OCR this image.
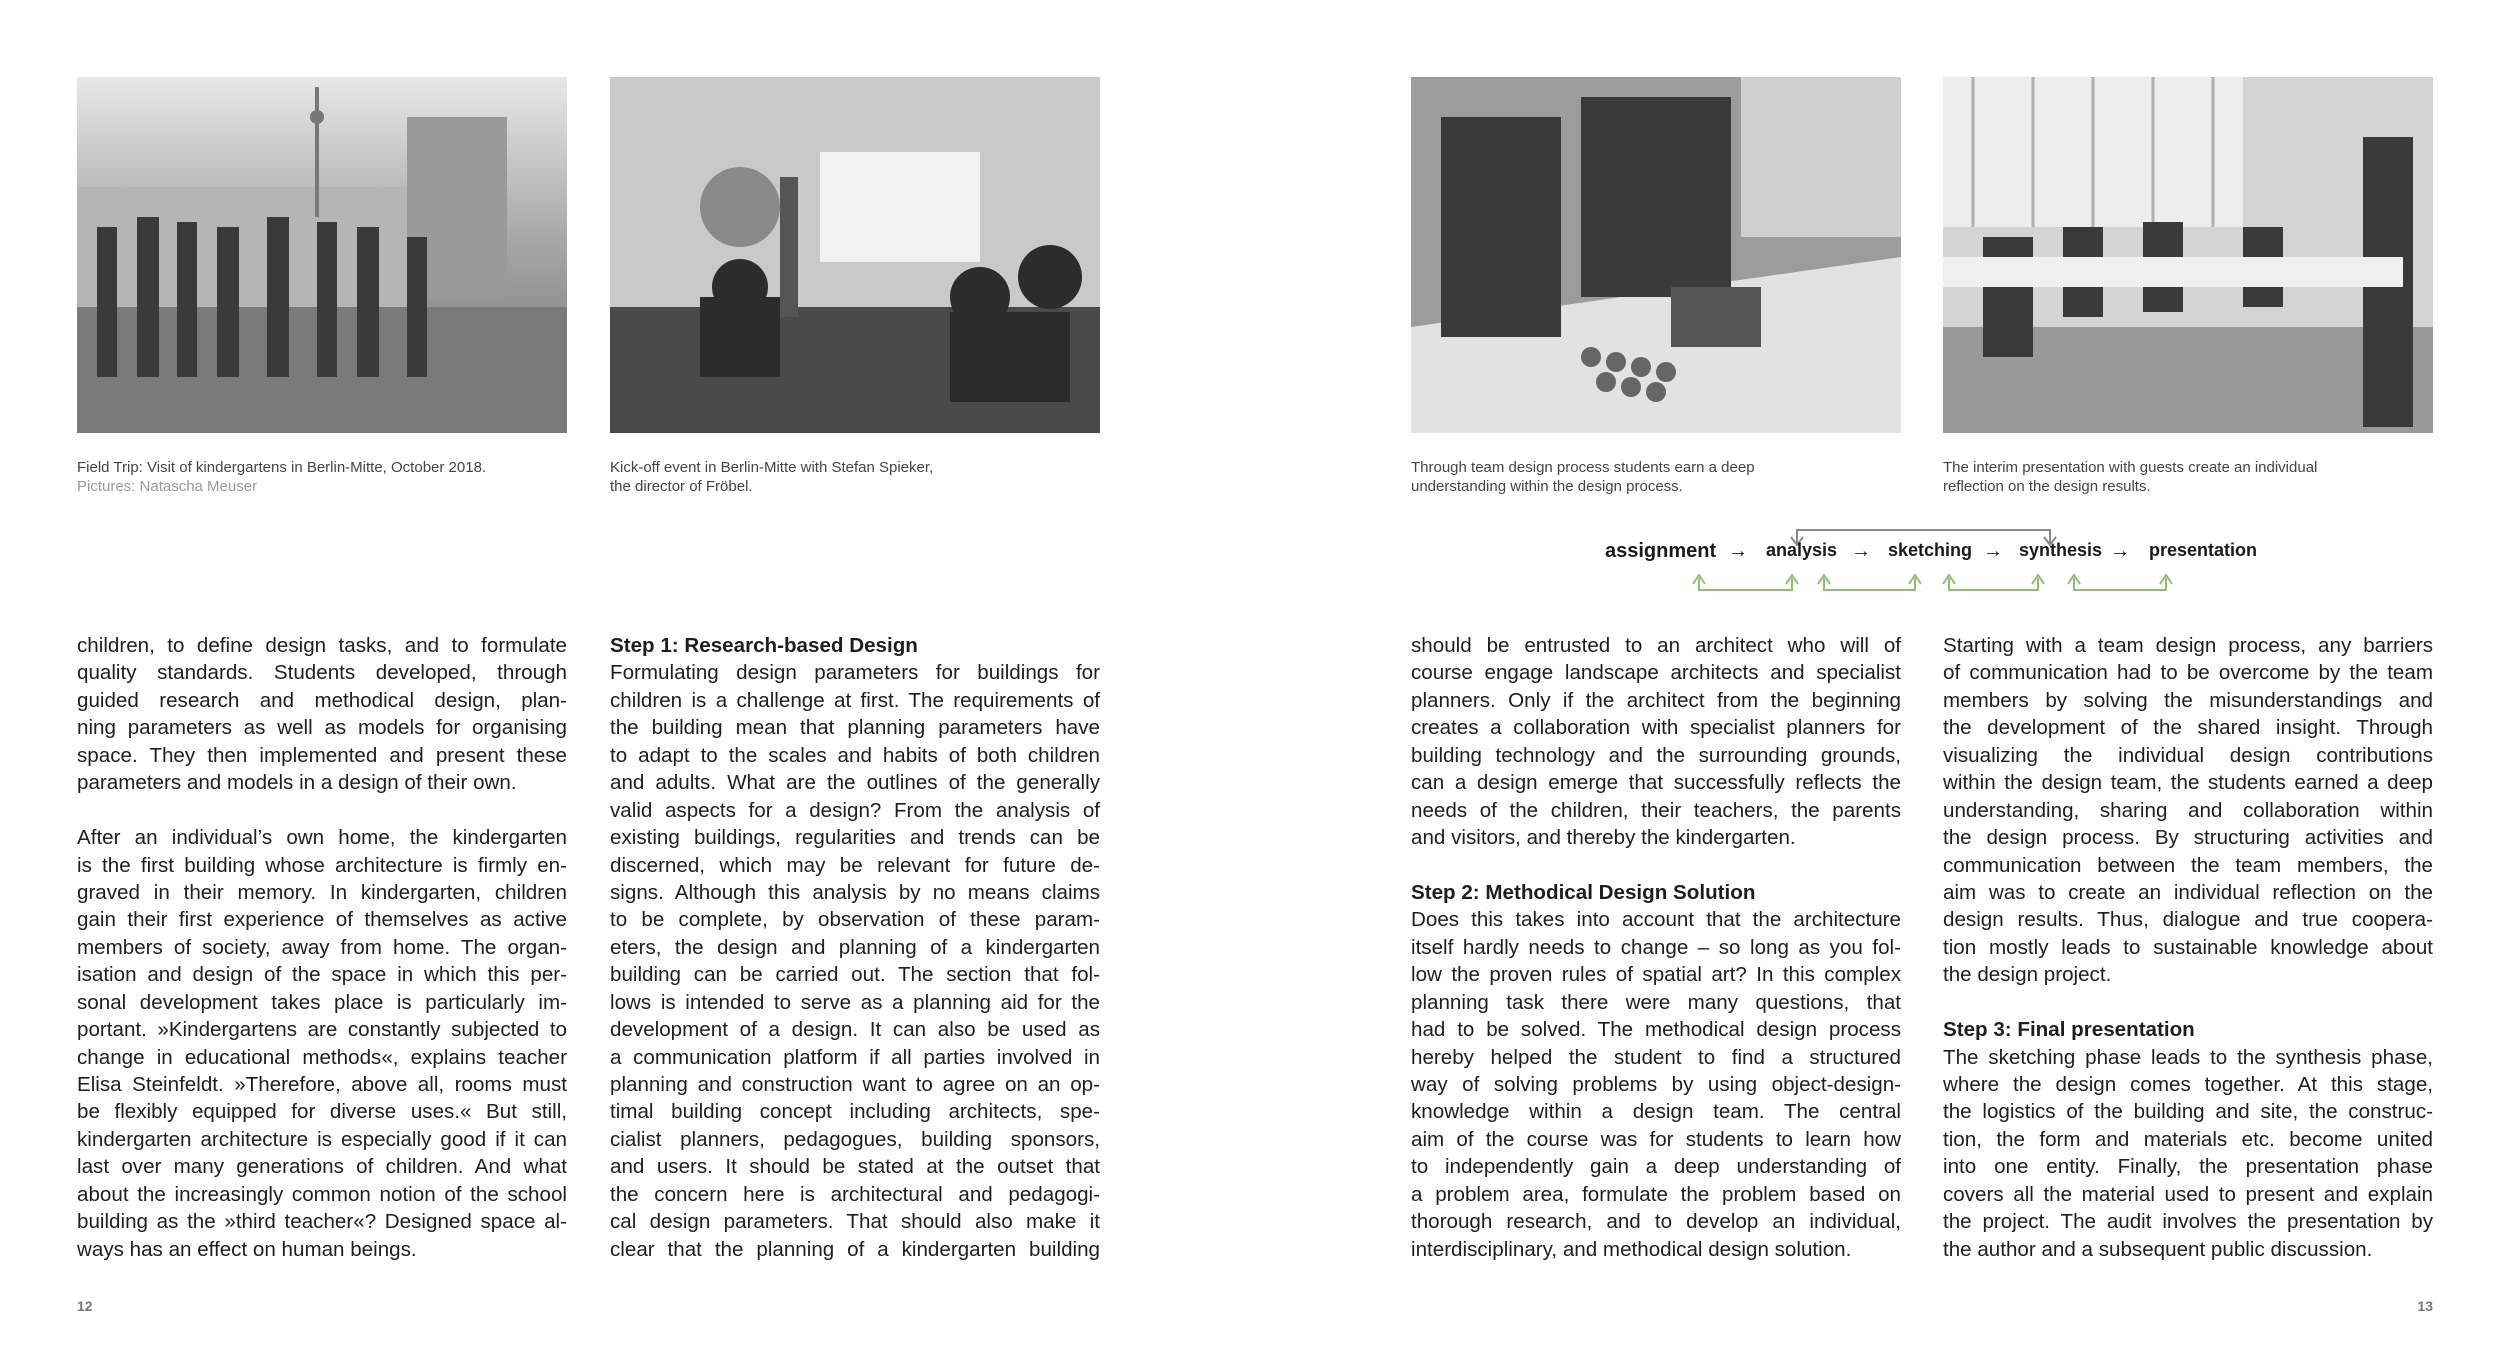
Field Trip: Visit of kindergartens in Berlin-Mitte, October 2018.
Pictures: Natascha Meuser
Kick-off event in Berlin-Mitte with Stefan Spieker,
the director of Fröbel.
Through team design process students earn a deep
understanding within the design process.
The interim presentation with guests create an individual
reflection on the design results.
assignment → analysis → sketching → synthesis → presentation
children, to define design tasks, and to formulate
quality standards. Students developed, through
guided research and methodical design, plan-
ning parameters as well as models for organising
space. They then implemented and present these
parameters and models in a design of their own.
After an individual’s own home, the kindergarten
is the first building whose architecture is firmly en-
graved in their memory. In kindergarten, children
gain their first experience of themselves as active
members of society, away from home. The organ-
isation and design of the space in which this per-
sonal development takes place is particularly im-
portant. »Kindergartens are constantly subjected to
change in educational methods«, explains teacher
Elisa Steinfeldt. »Therefore, above all, rooms must
be flexibly equipped for diverse uses.« But still,
kindergarten architecture is especially good if it can
last over many generations of children. And what
about the increasingly common notion of the school
building as the »third teacher«? Designed space al-
ways has an effect on human beings.
Step 1: Research-based Design
Formulating design parameters for buildings for
children is a challenge at first. The requirements of
the building mean that planning parameters have
to adapt to the scales and habits of both children
and adults. What are the outlines of the generally
valid aspects for a design? From the analysis of
existing buildings, regularities and trends can be
discerned, which may be relevant for future de-
signs. Although this analysis by no means claims
to be complete, by observation of these param-
eters, the design and planning of a kindergarten
building can be carried out. The section that fol-
lows is intended to serve as a planning aid for the
development of a design. It can also be used as
a communication platform if all parties involved in
planning and construction want to agree on an op-
timal building concept including architects, spe-
cialist planners, pedagogues, building sponsors,
and users. It should be stated at the outset that
the concern here is architectural and pedagogi-
cal design parameters. That should also make it
clear that the planning of a kindergarten building
should be entrusted to an architect who will of
course engage landscape architects and specialist
planners. Only if the architect from the beginning
creates a collaboration with specialist planners for
building technology and the surrounding grounds,
can a design emerge that successfully reflects the
needs of the children, their teachers, the parents
and visitors, and thereby the kindergarten.
Step 2: Methodical Design Solution
Does this takes into account that the architecture
itself hardly needs to change – so long as you fol-
low the proven rules of spatial art? In this complex
planning task there were many questions, that
had to be solved. The methodical design process
hereby helped the student to find a structured
way of solving problems by using object-design-
knowledge within a design team. The central
aim of the course was for students to learn how
to independently gain a deep understanding of
a problem area, formulate the problem based on
thorough research, and to develop an individual,
interdisciplinary, and methodical design solution.
Starting with a team design process, any barriers
of communication had to be overcome by the team
members by solving the misunderstandings and
the development of the shared insight. Through
visualizing the individual design contributions
within the design team, the students earned a deep
understanding, sharing and collaboration within
the design process. By structuring activities and
communication between the team members, the
aim was to create an individual reflection on the
design results. Thus, dialogue and true coopera-
tion mostly leads to sustainable knowledge about
the design project.
Step 3: Final presentation
The sketching phase leads to the synthesis phase,
where the design comes together. At this stage,
the logistics of the building and site, the construc-
tion, the form and materials etc. become united
into one entity. Finally, the presentation phase
covers all the material used to present and explain
the project. The audit involves the presentation by
the author and a subsequent public discussion.
12	13
